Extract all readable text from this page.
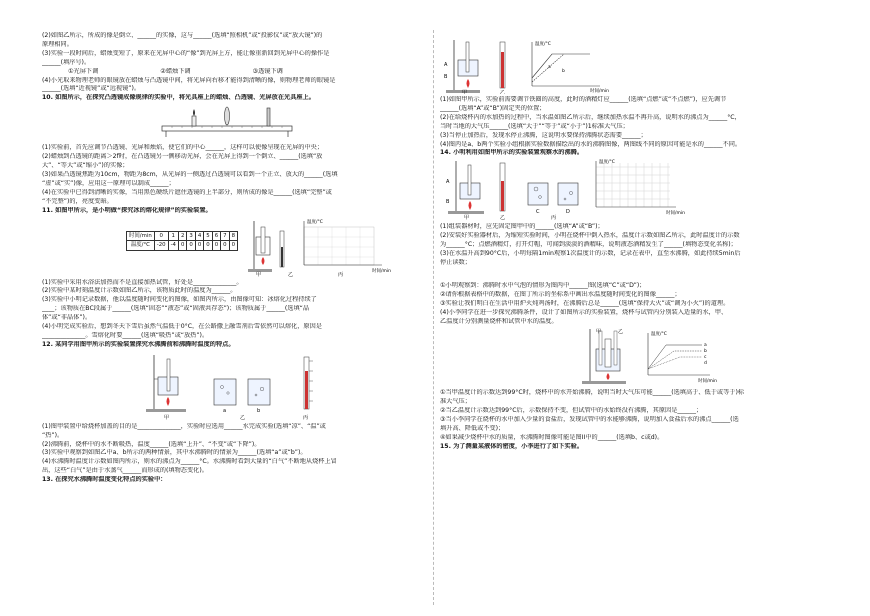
(2)如图乙所示，所成的像是倒立、______的实像，这与______(选填“照相机”或“投影仪”或“放大镜”)的
原理相同。
(3)实验一段时间后，蜡烛变短了，原来在光屏中心的“像”到光屏上方，能让像重新回到光屏中心的操作是
______(填序号)。
①光屏下调	②蜡烛下调	③透镜下调
(4)小光取来物理老师的眼镜放在蜡烛与凸透镜中间，将光屏向右移才能得到清晰的像，则物理老师的眼镜是
______(选填“近视镜”或“远视镜”)。
10. 如图所示，在探究凸透镜成像规律的实验中，将光具座上的蜡烛、凸透镜、光屏放在光具座上。
(1)实验前，首先应调节凸透镜、光屏和烛焰，使它们的中心______，这样可以使像呈现在光屏的中央；
(2)蜡烛到凸透镜的距离＞2f时，在凸透镜另一侧移动光屏，会在光屏上得到一个倒立、______(选填“放
大”、“等大”或“缩小”)的实像；
(3)如果凸透镜焦距为10cm，物距为8cm，从光屏的一侧透过凸透镜可以看到一个正立、放大的______(选填
“虚”或“实”)像，应用这一原理可以制成______；
(4)在实验中已得到清晰的实像，当用黑色硬纸片遮住透镜的上半部分，则所成的像是______(选填“完整”或
“不完整”)的，亮度变暗。
11. 如图甲所示，是小明做“探究冰的熔化规律”的实验装置。
时间/min	0	1	2	3	4	5	6	7	8
温度/°C	-20	-4	0	0	0	0	0	0	0
甲	乙
温度/°C
时间/min
丙
(1)实验中采用水浴法加热而不是直接加热试管，好处是______________。
(2)实验中某时刻温度计示数如图乙所示，该物质此时的温度为______。
(3)实验中小明记录数据，他以温度随时间变化的图像，如图丙所示，由图像可知：冰熔化过程持续了
____；该物质在BC段属于______(选填“固态”“液态”或“固液共存态”)；该物质属于______(选填“晶
体”或“非晶体”)。
(4)小明完成实验后，想到冬天下雪后虽然气温低于0°C，在公路撒上融雪剂后雪依然可以熔化，原因是
______________。雪熔化时要______(选填“吸热”或“放热”)。
12. 某同学用图甲所示的实验装置探究水沸腾前和沸腾时温度的特点。
甲
a	b
乙	丙
(1)图甲装置中给烧杯加盖的目的是______________，实验时应选用______水完成实验(选填“凉”、“温”或
“热”)。
(2)沸腾前，烧杯中的水不断吸热，温度______(选填“上升”、“不变”或“下降”)。
(3)实验中观察到如图乙中a、b所示的两种情景，其中水沸腾时的情景为______(选填“a”或“b”)。
(4)水沸腾时温度计示数如图丙所示，则水的沸点为______°C。水沸腾时看到大量的“白气”不断地从烧杯上冒
出，这些“白气”是由于水蒸气______而形成的(填物态变化)。
13. 在探究水沸腾时温度变化特点的实验中：
A
B
甲	乙
温度/°C
时间/min
a
b
(1)如图甲所示，实验前需要调节铁圈的高度，此时的酒精灯应______(选填“点燃”或“不点燃”)，应先调节
______(选填“A”或“B”)固定夹的位置；
(2)在给烧杯内的水加热的过程中，当水温如图乙所示后，继续加热水温不再升高，说明水的沸点为______°C，
当时当地的大气压______(选填“大于”“等于”或“小于”)1标准大气压；
(3)当停止加热后，发现水停止沸腾，这说明水要保持沸腾状态需要______；
(4)图丙是a、b两个实验小组根据实验数据描绘出的水的沸腾图像，两图线不同的原因可能是水的______不同。
14. 小明利用如图甲所示的实验装置观察水的沸腾。
A
B
甲	乙
C	D
丙
温度/°C
时间/min
(1)组装器材时，应先固定图甲中的______(选填“A”或“B”)；
(2)安装好实验器材后，为缩短实验时间，小明在烧杯中倒入热水，温度计示数如图乙所示，此时温度计的示数
为______°C；点燃酒精灯，打开灯帽，可闻到淡淡的酒精味，说明液态酒精发生了______(填物态变化名称)；
(3)在水温升高到90°C后，小明每隔1min观察1次温度计的示数，记录在表中，直至水沸腾，如此持续5min后
停止读数；
①小明观察到：沸腾时水中气泡的情形为图丙中______图(选填“C”或“D”)；
②请你根据表格中的数据，在图丁所示的坐标系中画出水温度随时间变化的图像______；
③实验让我们明白在生活中用炉火炖鸡汤时，在沸腾后总是______(选填“保持大火”或“调为小火”)的道理。
(4)小李同学在进一步探究沸腾条件，设计了如图所示的实验装置，烧杯与试管内分别装入适量的水，甲、
乙温度计分别测量烧杯和试管中水的温度。
甲	乙	温度/°C
时间/min
a
b
c
d
①当甲温度计的示数达到99°C时，烧杯中的水开始沸腾，说明当时大气压可能______(选填高于、低于或等于)标
准大气压；
②当乙温度计示数达到99°C后，示数保持不变，但试管中的水始终没有沸腾，其原因是______；
③当小李同学在烧杯的水中加入少量的食盐后，发现试管中的水能够沸腾，说明加入食盐后水的沸点______(选
填升高、降低或不变)；
④如果减少烧杯中水的质量，水沸腾时图像可能是图II中的______(选填b、c或d)。
15. 为了测量某液体的密度，小李进行了如下实验。
